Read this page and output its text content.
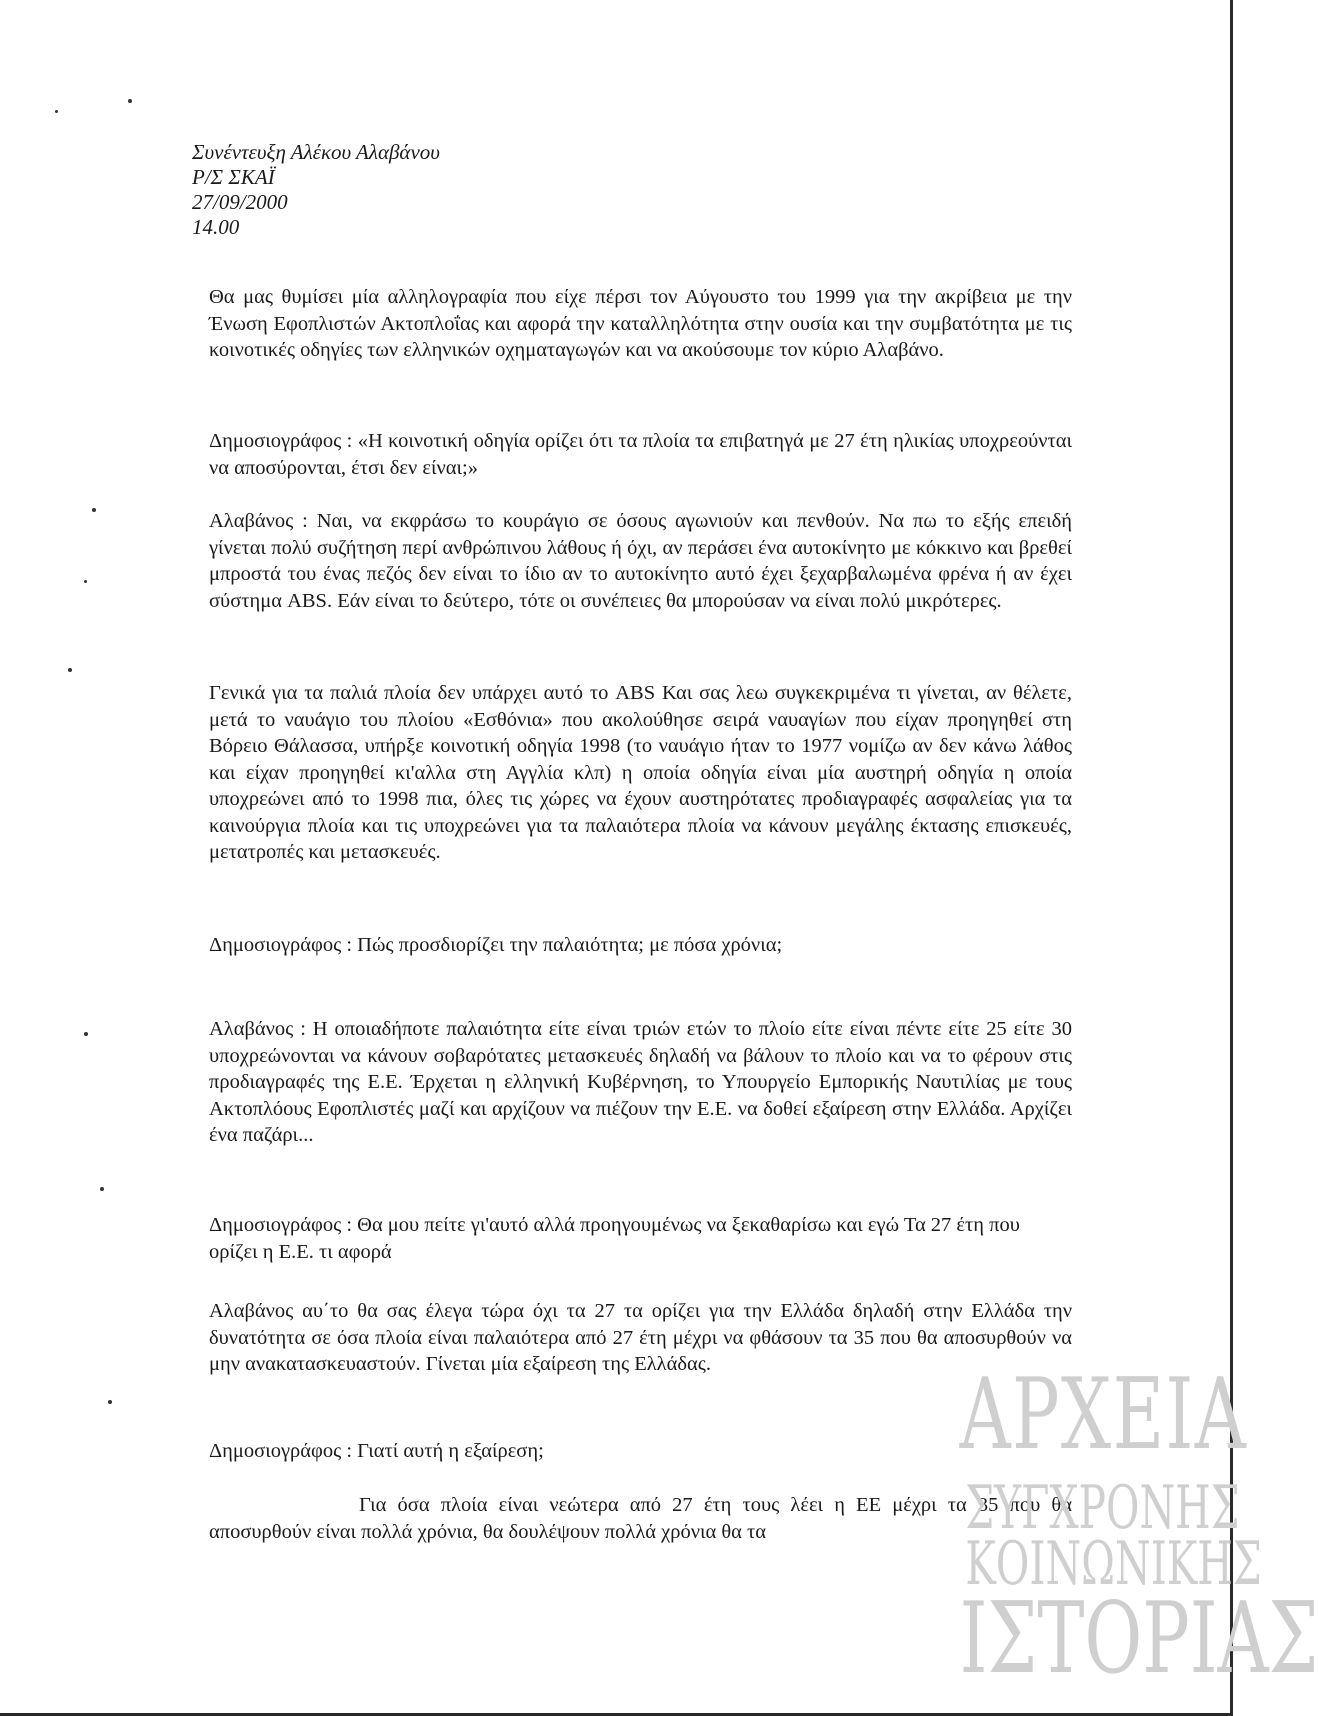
Συνέντευξη Αλέκου Αλαβάνου
Ρ/Σ ΣΚΑΪ
27/09/2000
14.00

Θα μας θυμίσει μία αλληλογραφία που είχε πέρσι τον Αύγουστο του 1999 για την ακρίβεια με την Ένωση Εφοπλιστών Ακτοπλοΐας και αφορά την καταλληλότητα στην ουσία και την συμβατότητα με τις κοινοτικές οδηγίες των ελληνικών οχηματαγωγών και να ακούσουμε τον κύριο Αλαβάνο.

Δημοσιογράφος : «Η κοινοτική οδηγία ορίζει ότι τα πλοία τα επιβατηγά με 27 έτη ηλικίας υποχρεούνται να αποσύρονται, έτσι δεν είναι;»

Αλαβάνος : Ναι, να εκφράσω το κουράγιο σε όσους αγωνιούν και πενθούν. Να πω το εξής επειδή γίνεται πολύ συζήτηση περί ανθρώπινου λάθους ή όχι, αν περάσει ένα αυτοκίνητο με κόκκινο και βρεθεί μπροστά του ένας πεζός δεν είναι το ίδιο αν το αυτοκίνητο αυτό έχει ξεχαρβαλωμένα φρένα ή αν έχει σύστημα ABS. Εάν είναι το δεύτερο, τότε οι συνέπειες θα μπορούσαν να είναι πολύ μικρότερες.

Γενικά για τα παλιά πλοία δεν υπάρχει αυτό το ABS Και σας λεω συγκεκριμένα τι γίνεται, αν θέλετε, μετά το ναυάγιο του πλοίου «Εσθόνια» που ακολούθησε σειρά ναυαγίων που είχαν προηγηθεί στη Βόρειο Θάλασσα, υπήρξε κοινοτική οδηγία 1998 (το ναυάγιο ήταν το 1977 νομίζω αν δεν κάνω λάθος και είχαν προηγηθεί κι'αλλα στη Αγγλία κλπ) η οποία οδηγία είναι μία αυστηρή οδηγία η οποία υποχρεώνει από το 1998 πια, όλες τις χώρες να έχουν αυστηρότατες προδιαγραφές ασφαλείας για τα καινούργια πλοία και τις υποχρεώνει για τα παλαιότερα πλοία να κάνουν μεγάλης έκτασης επισκευές, μετατροπές και μετασκευές.

Δημοσιογράφος : Πώς προσδιορίζει την παλαιότητα; με πόσα χρόνια;

Αλαβάνος : Η οποιαδήποτε παλαιότητα είτε είναι τριών ετών το πλοίο είτε είναι πέντε είτε 25 είτε 30 υποχρεώνονται να κάνουν σοβαρότατες μετασκευές δηλαδή να βάλουν το πλοίο και να το φέρουν στις προδιαγραφές της Ε.Ε. Έρχεται η ελληνική Κυβέρνηση, το Υπουργείο Εμπορικής Ναυτιλίας με τους Ακτοπλόους Εφοπλιστές μαζί και αρχίζουν να πιέζουν την Ε.Ε. να δοθεί εξαίρεση στην Ελλάδα. Αρχίζει ένα παζάρι...

Δημοσιογράφος : Θα μου πείτε γι'αυτό αλλά προηγουμένως να ξεκαθαρίσω και εγώ Τα 27 έτη που ορίζει η Ε.Ε. τι αφορά

Αλαβάνος αυ΄το θα σας έλεγα τώρα όχι τα 27 τα ορίζει για την Ελλάδα δηλαδή στην Ελλάδα την δυνατότητα σε όσα πλοία είναι παλαιότερα από 27 έτη μέχρι να φθάσουν τα 35 που θα αποσυρθούν να μην ανακατασκευαστούν. Γίνεται μία εξαίρεση της Ελλάδας.

Δημοσιογράφος : Γιατί αυτή η εξαίρεση;

Για όσα πλοία είναι νεώτερα από 27 έτη τους λέει η ΕΕ μέχρι τα 35 που θα αποσυρθούν είναι πολλά χρόνια, θα δουλέψουν πολλά χρόνια θα τα

ΑΡΧΕΙΑ
ΣΥΓΧΡΟΝΗΣ
ΚΟΙΝΩΝΙΚΗΣ
ΙΣΤΟΡΙΑΣ
